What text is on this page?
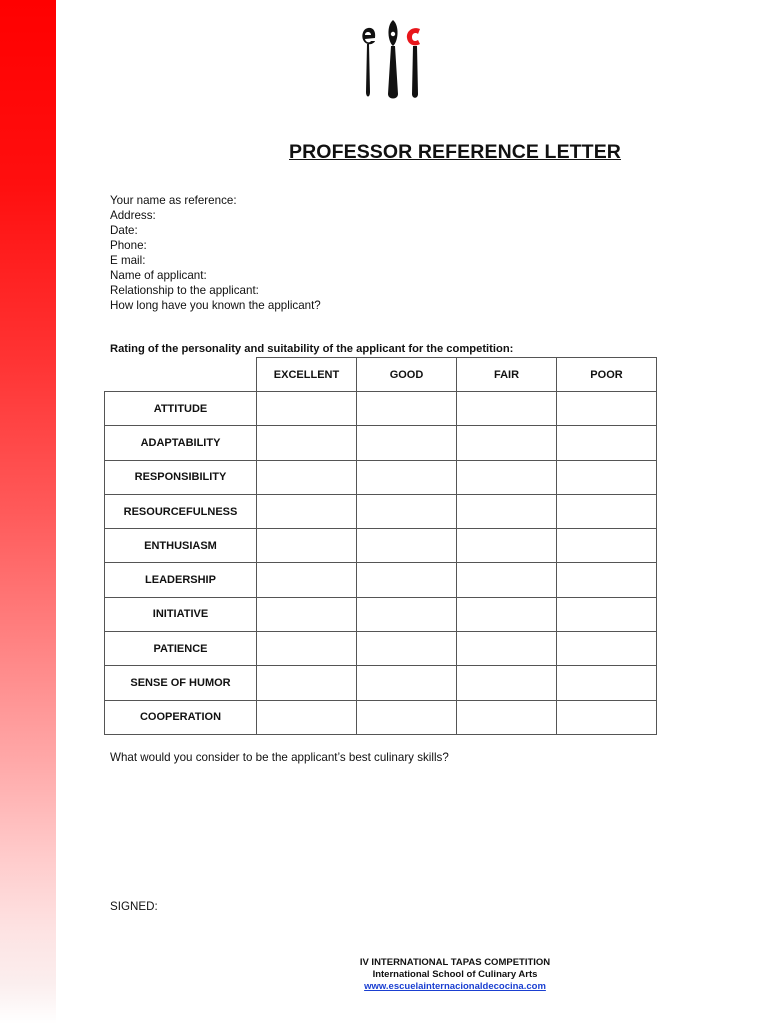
PROFESSOR REFERENCE LETTER
Your name as reference:
Address:
Date:
Phone:
E mail:
Name of applicant:
Relationship to the applicant:
How long have you known the applicant?
Rating of the personality and suitability of the applicant for the competition:
	EXCELLENT	GOOD	FAIR	POOR
ATTITUDE				
ADAPTABILITY				
RESPONSIBILITY				
RESOURCEFULNESS				
ENTHUSIASM				
LEADERSHIP				
INITIATIVE				
PATIENCE				
SENSE OF HUMOR				
COOPERATION				
What would you consider to be the applicant’s best culinary skills?
SIGNED:
IV INTERNATIONAL TAPAS COMPETITION
International School of Culinary Arts
www.escuelainternacionaldecocina.com
